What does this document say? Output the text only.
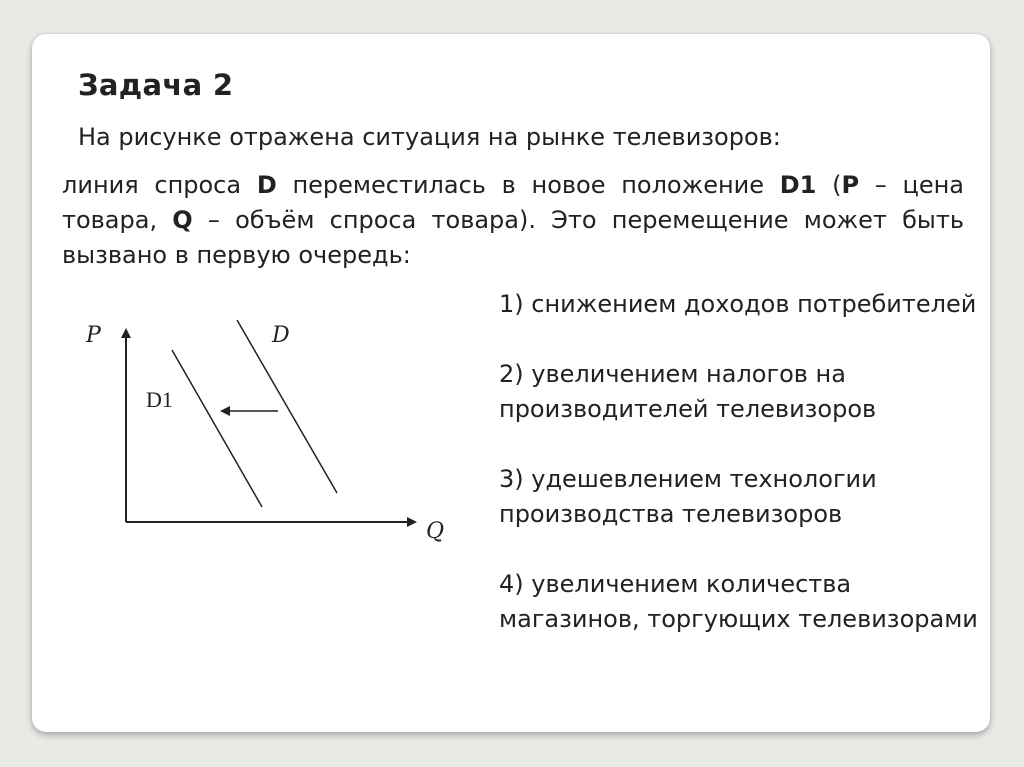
Задача 2

На рисунке отражена ситуация на рынке телевизоров:

линия спроса D переместилась в новое положение D1 (P – цена товара, Q – объём спроса товара). Это перемещение может быть вызвано в первую очередь:

P
Q
D
D1

1) снижением доходов потребителей

2) увеличением налогов на производителей телевизоров

3) удешевлением технологии производства телевизоров

4) увеличением количества магазинов, торгующих телевизорами
